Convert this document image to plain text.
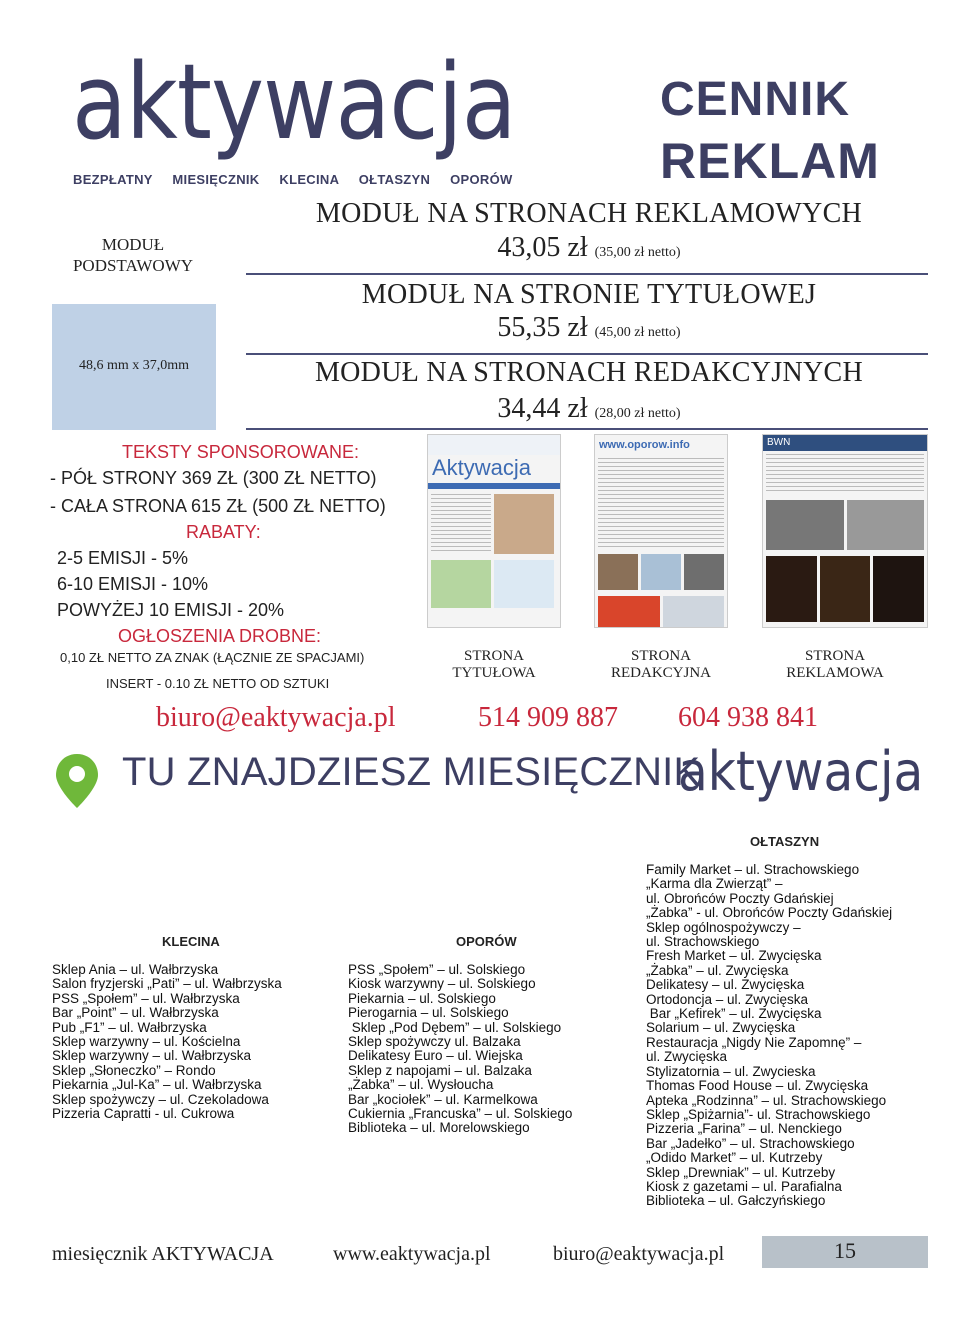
aktywacja
BEZPŁATNY MIESIĘCZNIK KLECINA OŁTASZYN OPORÓW
CENNIK
REKLAM
MODUŁ PODSTAWOWY
48,6 mm x 37,0mm
MODUŁ NA STRONACH REKLAMOWYCH
43,05 zł (35,00 zł netto)
MODUŁ NA STRONIE TYTUŁOWEJ
55,35 zł (45,00 zł netto)
MODUŁ NA STRONACH REDAKCYJNYCH
34,44 zł (28,00 zł netto)
TEKSTY SPONSOROWANE:
- PÓŁ STRONY 369 ZŁ (300 ZŁ NETTO)
- CAŁA STRONA 615 ZŁ (500 ZŁ NETTO)
RABATY:
2-5 EMISJI - 5%
6-10 EMISJI - 10%
POWYŻEJ 10 EMISJI - 20%
OGŁOSZENIA DROBNE:
0,10 ZŁ NETTO ZA ZNAK (ŁĄCZNIE ZE SPACJAMI)
INSERT - 0.10 ZŁ NETTO OD SZTUKI

Aktywacja
www.oporow.info	BWN
STRONA TYTUŁOWA
STRONA REDAKCYJNA
STRONA REKLAMOWA
biuro@eaktywacja.pl	514 909 887 604 938 841
TU ZNAJDZIESZ MIESIĘCZNIK
aktywacja
KLECINA
Sklep Ania – ul. Wałbrzyska
Salon fryzjerski „Pati” – ul. Wałbrzyska
PSS „Społem” – ul. Wałbrzyska
Bar „Point” – ul. Wałbrzyska
Pub „F1” – ul. Wałbrzyska
Sklep warzywny – ul. Kościelna
Sklep warzywny – ul. Wałbrzyska
Sklep „Słoneczko” – Rondo
Piekarnia „Jul-Ka” – ul. Wałbrzyska
Sklep spożywczy – ul. Czekoladowa
Pizzeria Capratti - ul. Cukrowa
OPORÓW
PSS „Społem” – ul. Solskiego
Kiosk warzywny – ul. Solskiego
Piekarnia – ul. Solskiego
Pierogarnia – ul. Solskiego
Sklep „Pod Dębem” – ul. Solskiego
Sklep spożywczy ul. Balzaka
Delikatesy Euro – ul. Wiejska
Sklep z napojami – ul. Balzaka
„Żabka” – ul. Wysłoucha
Bar „kociołek” – ul. Karmelkowa
Cukiernia „Francuska” – ul. Solskiego
Biblioteka – ul. Morelowskiego
OŁTASZYN
Family Market – ul. Strachowskiego
„Karma dla Zwierząt” –
ul. Obrońców Poczty Gdańskiej
„Żabka” - ul. Obrońców Poczty Gdańskiej
Sklep ogólnospożywczy –
ul. Strachowskiego
Fresh Market – ul. Zwycięska
„Żabka” – ul. Zwycięska
Delikatesy – ul. Zwycięska
Ortodoncja – ul. Zwycięska
Bar „Kefirek” – ul. Zwycięska
Solarium – ul. Zwycięska
Restauracja „Nigdy Nie Zapomnę” –
ul. Zwycięska
Stylizatornia – ul. Zwycieska
Thomas Food House – ul. Zwycięska
Apteka „Rodzinna” – ul. Strachowskiego
Sklep „Spiżarnia”- ul. Strachowskiego
Pizzeria „Farina” – ul. Nenckiego
Bar „Jadełko” – ul. Strachowskiego
„Odido Market” – ul. Kutrzeby
Sklep „Drewniak” – ul. Kutrzeby
Kiosk z gazetami – ul. Parafialna
Biblioteka – ul. Gałczyńskiego
miesięcznik AKTYWACJA	www.eaktywacja.pl	biuro@eaktywacja.pl	15
